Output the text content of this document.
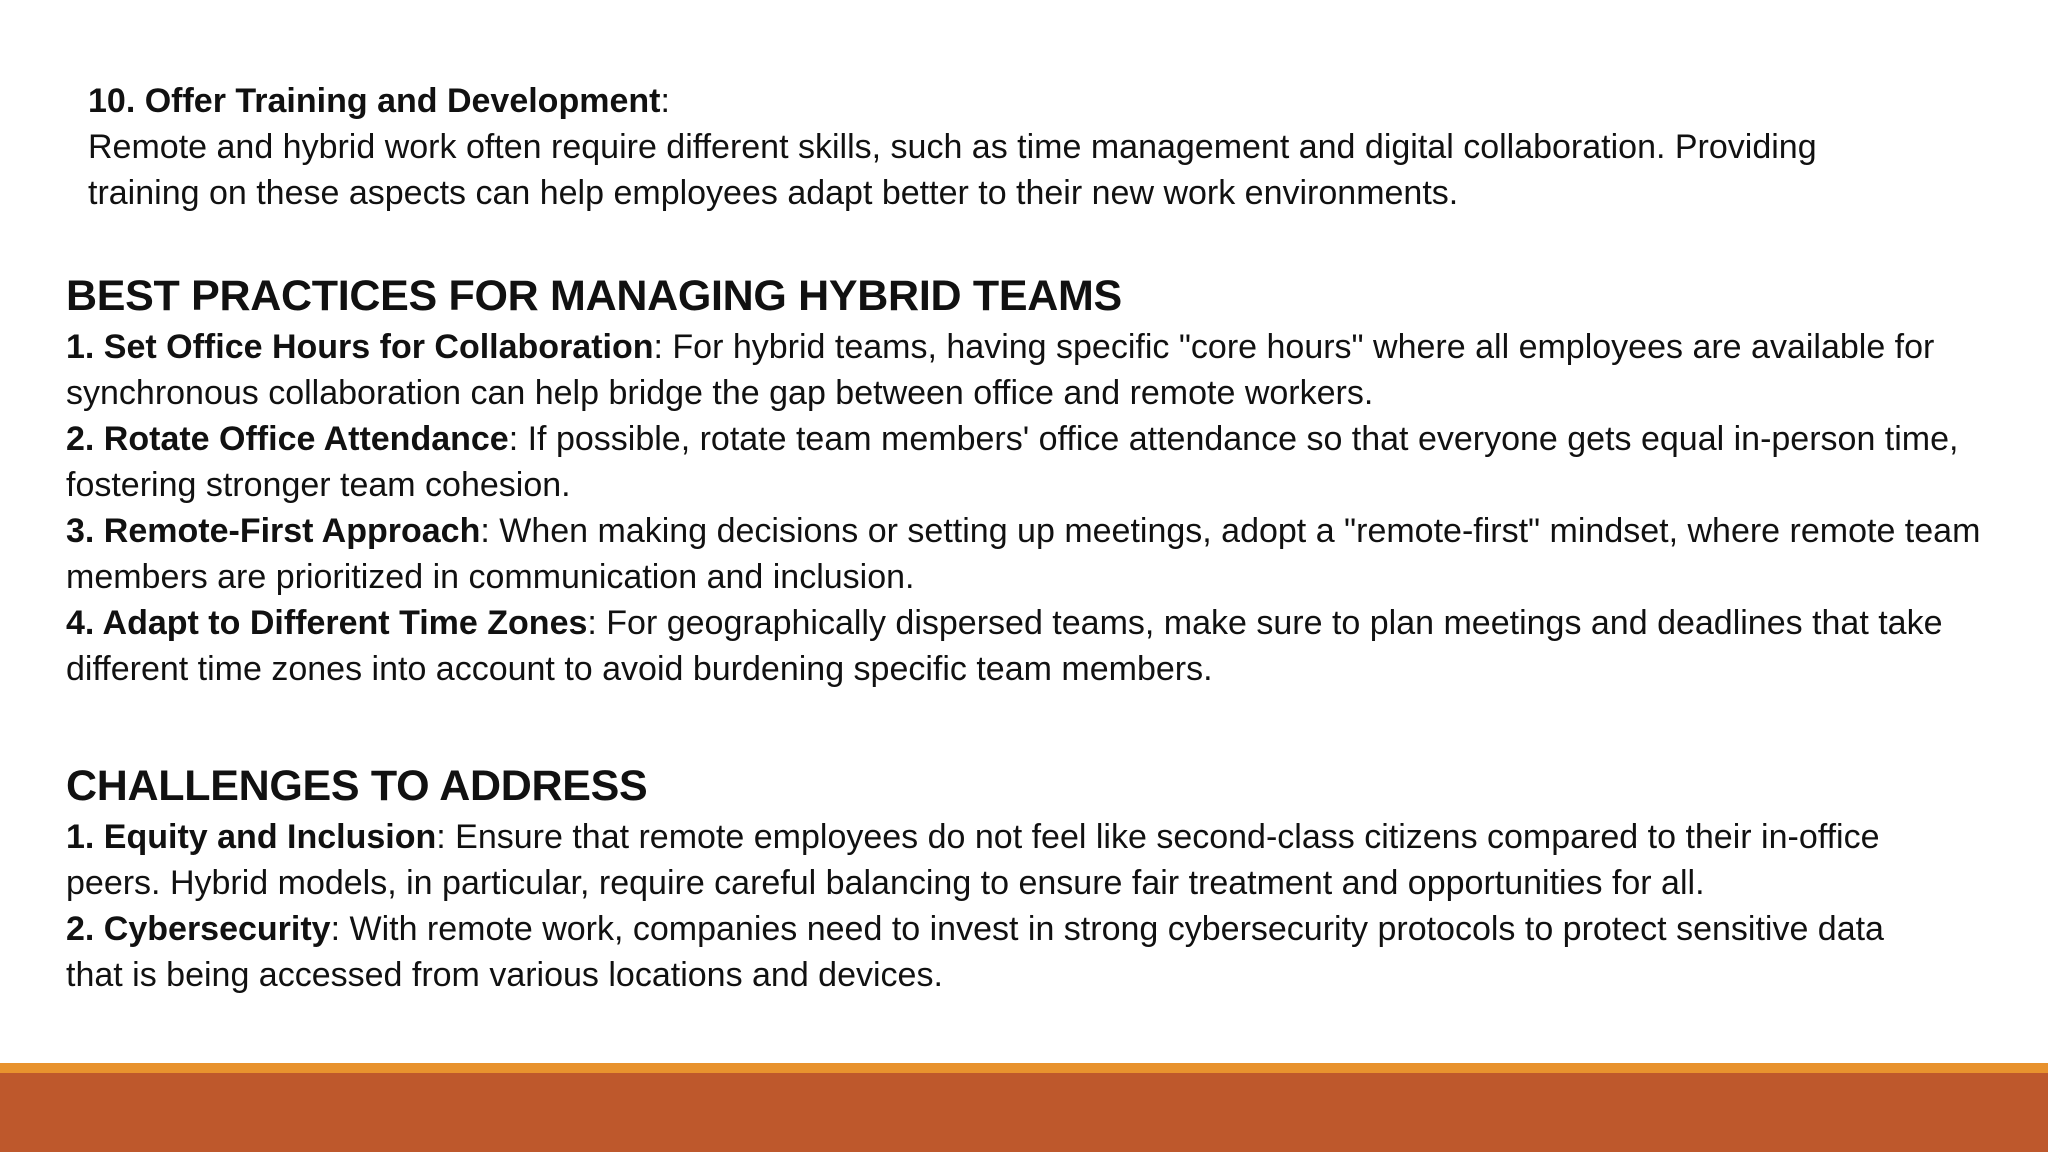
10. Offer Training and Development:

Remote and hybrid work often require different skills, such as time management and digital collaboration. Providing training on these aspects can help employees adapt better to their new work environments.

BEST PRACTICES FOR MANAGING HYBRID TEAMS

1. Set Office Hours for Collaboration: For hybrid teams, having specific "core hours" where all employees are available for synchronous collaboration can help bridge the gap between office and remote workers.

2. Rotate Office Attendance: If possible, rotate team members' office attendance so that everyone gets equal in-person time, fostering stronger team cohesion.

3. Remote-First Approach: When making decisions or setting up meetings, adopt a "remote-first" mindset, where remote team members are prioritized in communication and inclusion.

4. Adapt to Different Time Zones: For geographically dispersed teams, make sure to plan meetings and deadlines that take different time zones into account to avoid burdening specific team members.

CHALLENGES TO ADDRESS

1. Equity and Inclusion: Ensure that remote employees do not feel like second-class citizens compared to their in-office peers. Hybrid models, in particular, require careful balancing to ensure fair treatment and opportunities for all.

2. Cybersecurity: With remote work, companies need to invest in strong cybersecurity protocols to protect sensitive data that is being accessed from various locations and devices.
